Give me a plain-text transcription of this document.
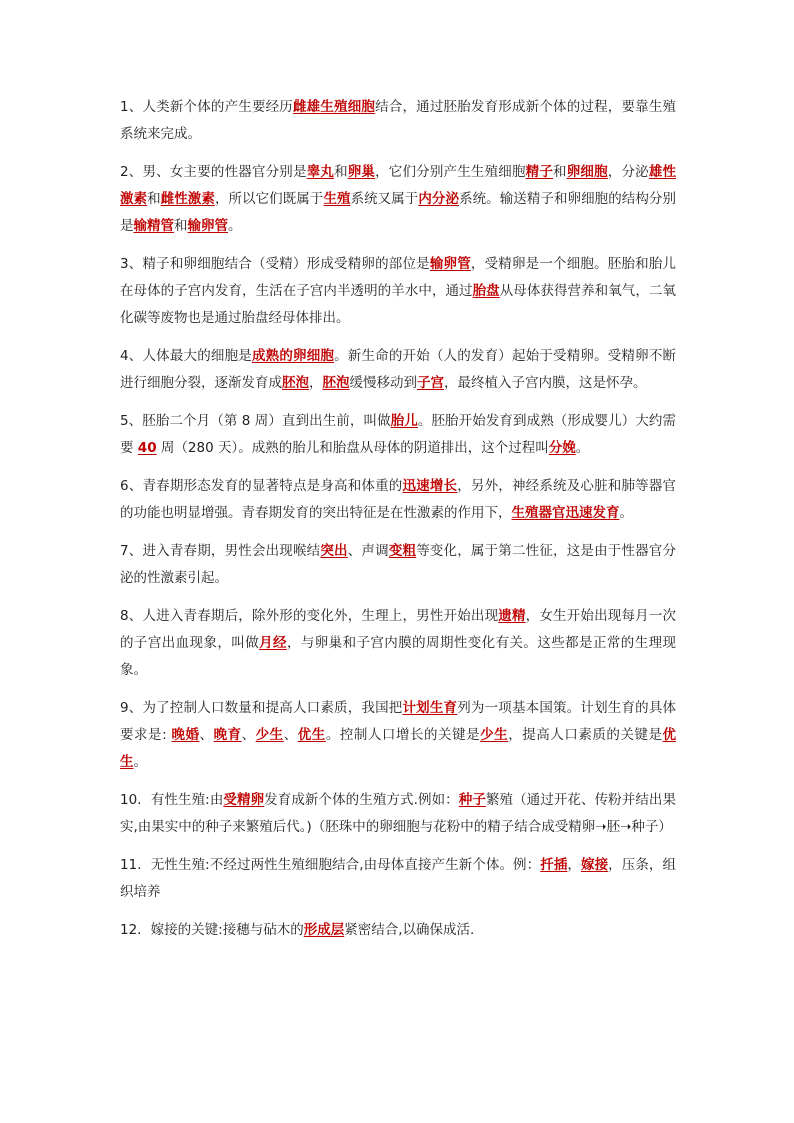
1、人类新个体的产生要经历雌雄生殖细胞结合，通过胚胎发育形成新个体的过程，要靠生殖系统来完成。

2、男、女主要的性器官分别是睾丸和卵巢，它们分别产生生殖细胞精子和卵细胞，分泌雄性激素和雌性激素，所以它们既属于生殖系统又属于内分泌系统。输送精子和卵细胞的结构分别是输精管和输卵管。

3、精子和卵细胞结合（受精）形成受精卵的部位是输卵管，受精卵是一个细胞。胚胎和胎儿在母体的子宫内发育，生活在子宫内半透明的羊水中，通过胎盘从母体获得营养和氧气，二氧化碳等废物也是通过胎盘经母体排出。

4、人体最大的细胞是成熟的卵细胞。新生命的开始（人的发育）起始于受精卵。受精卵不断进行细胞分裂，逐渐发育成胚泡，胚泡缓慢移动到子宫，最终植入子宫内膜，这是怀孕。

5、胚胎二个月（第 8 周）直到出生前，叫做胎儿。胚胎开始发育到成熟（形成婴儿）大约需要 40 周（280 天）。成熟的胎儿和胎盘从母体的阴道排出，这个过程叫分娩。

6、青春期形态发育的显著特点是身高和体重的迅速增长，另外，神经系统及心脏和肺等器官的功能也明显增强。青春期发育的突出特征是在性激素的作用下，生殖器官迅速发育。

7、进入青春期，男性会出现喉结突出、声调变粗等变化，属于第二性征，这是由于性器官分泌的性激素引起。

8、人进入青春期后，除外形的变化外，生理上，男性开始出现遗精，女生开始出现每月一次的子宫出血现象，叫做月经，与卵巢和子宫内膜的周期性变化有关。这些都是正常的生理现象。

9、为了控制人口数量和提高人口素质，我国把计划生育列为一项基本国策。计划生育的具体要求是: 晚婚、晚育、少生、优生。控制人口增长的关键是少生，提高人口素质的关键是优生。

10．有性生殖:由受精卵发育成新个体的生殖方式.例如：种子繁殖（通过开花、传粉并结出果实,由果实中的种子来繁殖后代。)（胚珠中的卵细胞与花粉中的精子结合成受精卵➝胚➝种子）

11．无性生殖:不经过两性生殖细胞结合,由母体直接产生新个体。例：扦插，嫁接，压条，组织培养

12．嫁接的关键:接穗与砧木的形成层紧密结合,以确保成活.
